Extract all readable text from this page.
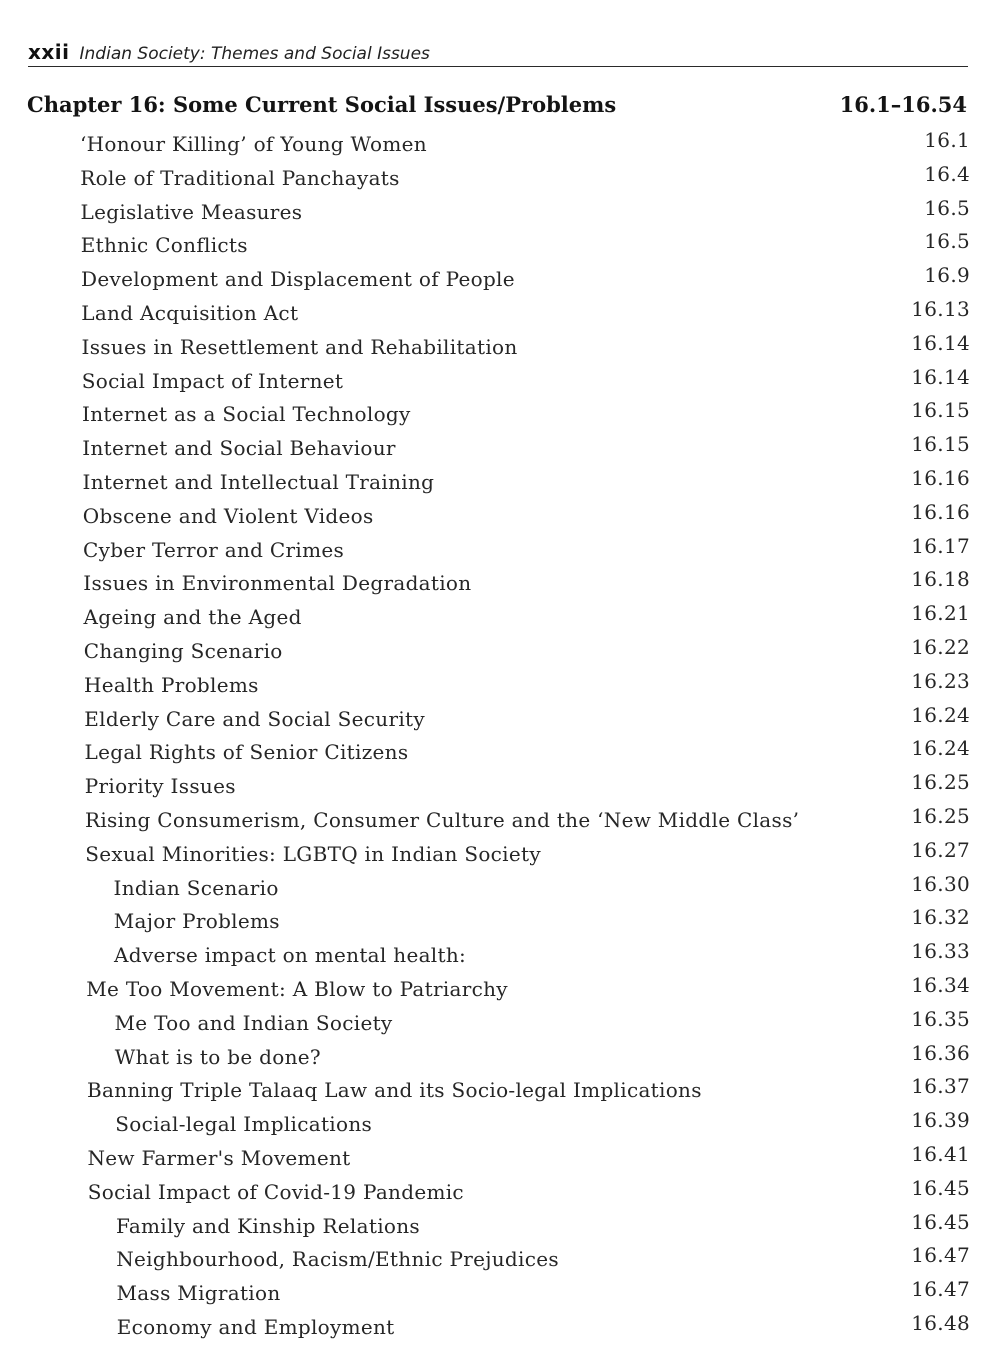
xxii Indian Society: Themes and Social Issues
Chapter 16: Some Current Social Issues/Problems	16.1–16.54
‘Honour Killing’ of Young Women	16.1
Role of Traditional Panchayats	16.4
Legislative Measures	16.5
Ethnic Conflicts	16.5
Development and Displacement of People	16.9
Land Acquisition Act	16.13
Issues in Resettlement and Rehabilitation	16.14
Social Impact of Internet	16.14
Internet as a Social Technology	16.15
Internet and Social Behaviour	16.15
Internet and Intellectual Training	16.16
Obscene and Violent Videos	16.16
Cyber Terror and Crimes	16.17
Issues in Environmental Degradation	16.18
Ageing and the Aged	16.21
Changing Scenario	16.22
Health Problems	16.23
Elderly Care and Social Security	16.24
Legal Rights of Senior Citizens	16.24
Priority Issues	16.25
Rising Consumerism, Consumer Culture and the ‘New Middle Class’	16.25
Sexual Minorities: LGBTQ in Indian Society	16.27
Indian Scenario	16.30
Major Problems	16.32
Adverse impact on mental health:	16.33
Me Too Movement: A Blow to Patriarchy	16.34
Me Too and Indian Society	16.35
What is to be done?	16.36
Banning Triple Talaaq Law and its Socio-legal Implications	16.37
Social-legal Implications	16.39
New Farmer's Movement	16.41
Social Impact of Covid-19 Pandemic	16.45
Family and Kinship Relations	16.45
Neighbourhood, Racism/Ethnic Prejudices	16.47
Mass Migration	16.47
Economy and Employment	16.48
